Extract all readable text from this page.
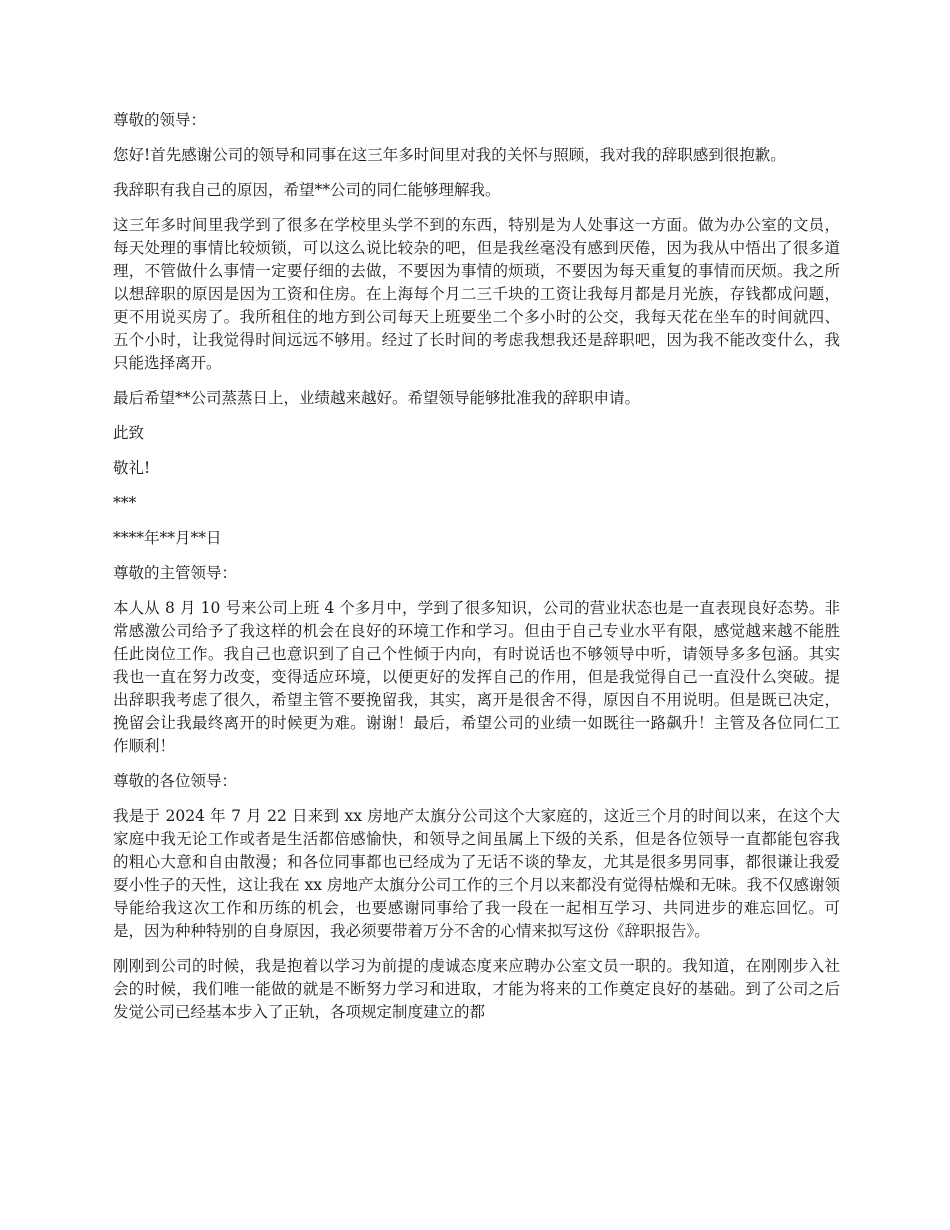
尊敬的领导：

您好!首先感谢公司的领导和同事在这三年多时间里对我的关怀与照顾，我对我的辞职感到很抱歉。

我辞职有我自己的原因，希望**公司的同仁能够理解我。

这三年多时间里我学到了很多在学校里头学不到的东西，特别是为人处事这一方面。做为办公室的文员，每天处理的事情比较烦锁，可以这么说比较杂的吧，但是我丝毫没有感到厌倦，因为我从中悟出了很多道理，不管做什么事情一定要仔细的去做，不要因为事情的烦琐，不要因为每天重复的事情而厌烦。我之所以想辞职的原因是因为工资和住房。在上海每个月二三千块的工资让我每月都是月光族，存钱都成问题，更不用说买房了。我所租住的地方到公司每天上班要坐二个多小时的公交，我每天花在坐车的时间就四、五个小时，让我觉得时间远远不够用。经过了长时间的考虑我想我还是辞职吧，因为我不能改变什么，我只能选择离开。

最后希望**公司蒸蒸日上，业绩越来越好。希望领导能够批准我的辞职申请。

此致

敬礼!

***

****年**月**日

尊敬的主管领导：

本人从 8 月 10 号来公司上班 4 个多月中，学到了很多知识，公司的营业状态也是一直表现良好态势。非常感激公司给予了我这样的机会在良好的环境工作和学习。但由于自己专业水平有限，感觉越来越不能胜任此岗位工作。我自己也意识到了自己个性倾于内向，有时说话也不够领导中听，请领导多多包涵。其实我也一直在努力改变，变得适应环境，以便更好的发挥自己的作用，但是我觉得自己一直没什么突破。提出辞职我考虑了很久，希望主管不要挽留我，其实，离开是很舍不得，原因自不用说明。但是既已决定，挽留会让我最终离开的时候更为难。谢谢！最后，希望公司的业绩一如既往一路飙升！主管及各位同仁工作顺利！

尊敬的各位领导：

我是于 2024 年 7 月 22 日来到 xx 房地产太旗分公司这个大家庭的，这近三个月的时间以来，在这个大家庭中我无论工作或者是生活都倍感愉快，和领导之间虽属上下级的关系，但是各位领导一直都能包容我的粗心大意和自由散漫；和各位同事都也已经成为了无话不谈的挚友，尤其是很多男同事，都很谦让我爱耍小性子的天性，这让我在 xx 房地产太旗分公司工作的三个月以来都没有觉得枯燥和无味。我不仅感谢领导能给我这次工作和历练的机会，也要感谢同事给了我一段在一起相互学习、共同进步的难忘回忆。可是，因为种种特别的自身原因，我必须要带着万分不舍的心情来拟写这份《辞职报告》。

刚刚到公司的时候，我是抱着以学习为前提的虔诚态度来应聘办公室文员一职的。我知道，在刚刚步入社会的时候，我们唯一能做的就是不断努力学习和进取，才能为将来的工作奠定良好的基础。到了公司之后发觉公司已经基本步入了正轨，各项规定制度建立的都
